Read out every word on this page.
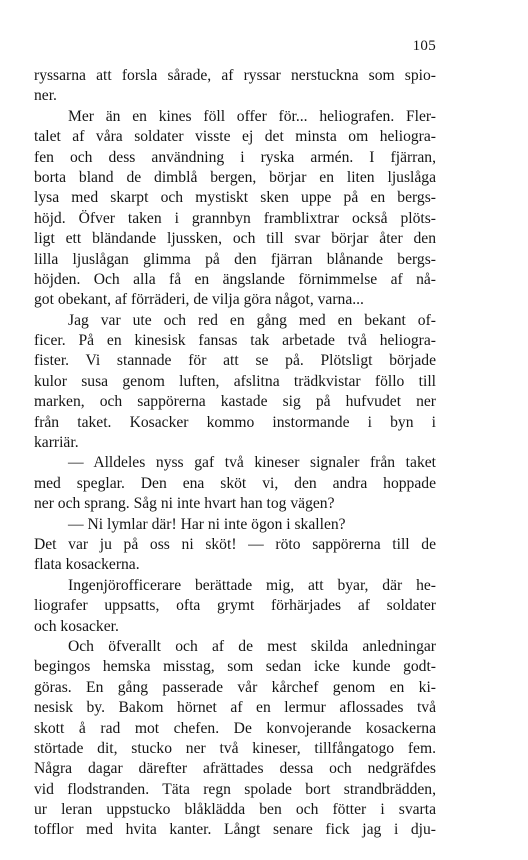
105
ryssarna att forsla sårade, af ryssar nerstuckna som spio-
ner.
Mer än en kines föll offer för... heliografen. Fler-
talet af våra soldater visste ej det minsta om heliogra-
fen och dess användning i ryska armén. I fjärran,
borta bland de dimblå bergen, börjar en liten ljuslåga
lysa med skarpt och mystiskt sken uppe på en bergs-
höjd. Öfver taken i grannbyn framblixtrar också plöts-
ligt ett bländande ljussken, och till svar börjar åter den
lilla ljuslågan glimma på den fjärran blånande bergs-
höjden. Och alla få en ängslande förnimmelse af nå-
got obekant, af förräderi, de vilja göra något, varna...
Jag var ute och red en gång med en bekant of-
ficer. På en kinesisk fansas tak arbetade två heliogra-
fister. Vi stannade för att se på. Plötsligt började
kulor susa genom luften, afslitna trädkvistar föllo till
marken, och sappörerna kastade sig på hufvudet ner
från taket. Kosacker kommo instormande i byn i
karriär.
— Alldeles nyss gaf två kineser signaler från taket
med speglar. Den ena sköt vi, den andra hoppade
ner och sprang. Såg ni inte hvart han tog vägen?
— Ni lymlar där! Har ni inte ögon i skallen?
Det var ju på oss ni sköt! — röto sappörerna till de
flata kosackerna.
Ingenjörofficerare berättade mig, att byar, där he-
liografer uppsatts, ofta grymt förhärjades af soldater
och kosacker.
Och öfverallt och af de mest skilda anledningar
begingos hemska misstag, som sedan icke kunde godt-
göras. En gång passerade vår kårchef genom en ki-
nesisk by. Bakom hörnet af en lermur aflossades två
skott å rad mot chefen. De konvojerande kosackerna
störtade dit, stucko ner två kineser, tillfångatogo fem.
Några dagar därefter afrättades dessa och nedgräfdes
vid flodstranden. Täta regn spolade bort strandbrädden,
ur leran uppstucko blåklädda ben och fötter i svarta
tofflor med hvita kanter. Långt senare fick jag i dju-
